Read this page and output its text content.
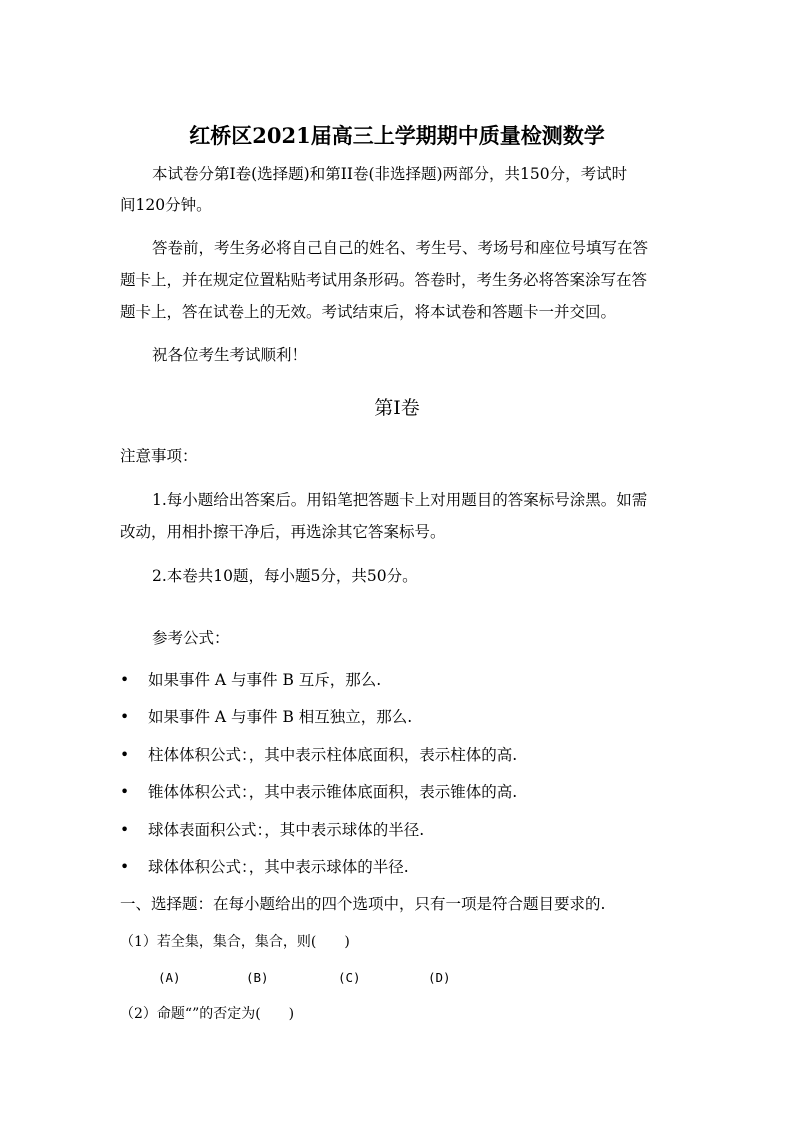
红桥区2021届高三上学期期中质量检测数学
本试卷分第Ⅰ卷(选择题)和第II卷(非选择题)两部分，共150分，考试时
间120分钟。
答卷前，考生务必将自己自己的姓名、考生号、考场号和座位号填写在答
题卡上，并在规定位置粘贴考试用条形码。答卷时，考生务必将答案涂写在答
题卡上，答在试卷上的无效。考试结束后，将本试卷和答题卡一并交回。
祝各位考生考试顺利！
第Ⅰ卷
注意事项：
1.每小题给出答案后。用铅笔把答题卡上对用题目的答案标号涂黑。如需
改动，用相扑擦干净后，再选涂其它答案标号。
2.本卷共10题，每小题5分，共50分。
参考公式：
• 如果事件 A 与事件 B 互斥，那么.
• 如果事件 A 与事件 B 相互独立，那么.
• 柱体体积公式：，其中表示柱体底面积，表示柱体的高.
• 锥体体积公式：，其中表示锥体底面积，表示锥体的高.
• 球体表面积公式：，其中表示球体的半径.
• 球体体积公式：，其中表示球体的半径.
一、选择题：在每小题给出的四个选项中，只有一项是符合题目要求的.
（1）若全集，集合，集合，则(　　)
(A)	(B)	(C)	(D)
（2）命题“”的否定为(　　)
